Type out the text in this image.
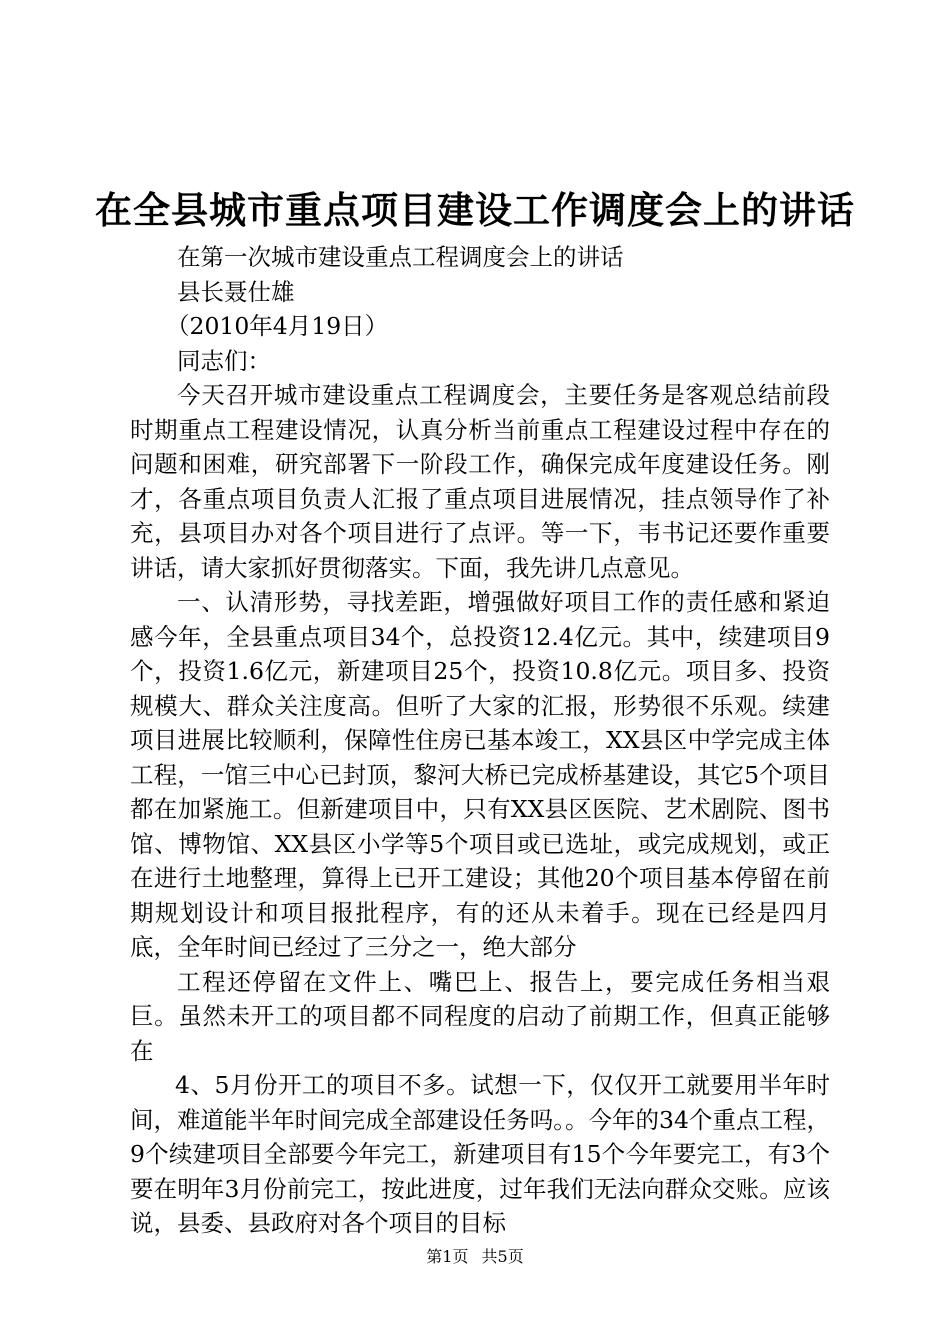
在全县城市重点项目建设工作调度会上的讲话

在第一次城市建设重点工程调度会上的讲话

县长聂仕雄

（2010年4月19日）

同志们：

今天召开城市建设重点工程调度会，主要任务是客观总结前段时期重点工程建设情况，认真分析当前重点工程建设过程中存在的问题和困难，研究部署下一阶段工作，确保完成年度建设任务。刚才，各重点项目负责人汇报了重点项目进展情况，挂点领导作了补充，县项目办对各个项目进行了点评。等一下，韦书记还要作重要讲话，请大家抓好贯彻落实。下面，我先讲几点意见。

一、认清形势，寻找差距，增强做好项目工作的责任感和紧迫感今年，全县重点项目34个，总投资12.4亿元。其中，续建项目9个，投资1.6亿元，新建项目25个，投资10.8亿元。项目多、投资规模大、群众关注度高。但听了大家的汇报，形势很不乐观。续建项目进展比较顺利，保障性住房已基本竣工，XX县区中学完成主体工程，一馆三中心已封顶，黎河大桥已完成桥基建设，其它5个项目都在加紧施工。但新建项目中，只有XX县区医院、艺术剧院、图书馆、博物馆、XX县区小学等5个项目或已选址，或完成规划，或正在进行土地整理，算得上已开工建设；其他20个项目基本停留在前期规划设计和项目报批程序，有的还从未着手。现在已经是四月底，全年时间已经过了三分之一，绝大部分

工程还停留在文件上、嘴巴上、报告上，要完成任务相当艰巨。虽然未开工的项目都不同程度的启动了前期工作，但真正能够在

4、5月份开工的项目不多。试想一下，仅仅开工就要用半年时间，难道能半年时间完成全部建设任务吗。。今年的34个重点工程，9个续建项目全部要今年完工，新建项目有15个今年要完工，有3个要在明年3月份前完工，按此进度，过年我们无法向群众交账。应该说，县委、县政府对各个项目的目标

第1页 共5页
